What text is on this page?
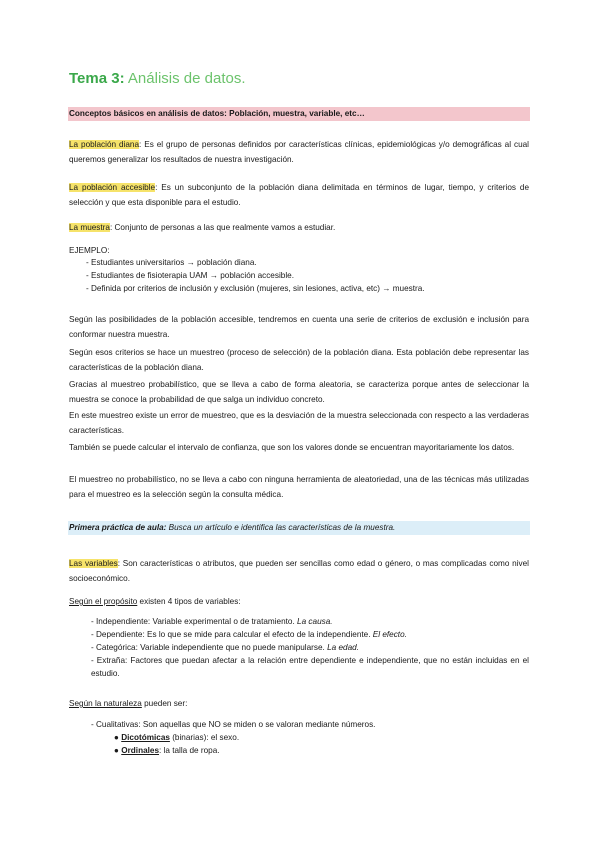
Tema 3: Análisis de datos.
Conceptos básicos en análisis de datos: Población, muestra, variable, etc…
La población diana: Es el grupo de personas definidos por características clínicas, epidemiológicas y/o demográficas al cual queremos generalizar los resultados de nuestra investigación.
La población accesible: Es un subconjunto de la población diana delimitada en términos de lugar, tiempo, y criterios de selección y que esta disponible para el estudio.
La muestra: Conjunto de personas a las que realmente vamos a estudiar.
EJEMPLO:
- Estudiantes universitarios → población diana.
- Estudiantes de fisioterapia UAM → población accesible.
- Definida por criterios de inclusión y exclusión (mujeres, sin lesiones, activa, etc) → muestra.
Según las posibilidades de la población accesible, tendremos en cuenta una serie de criterios de exclusión e inclusión para conformar nuestra muestra.
Según esos criterios se hace un muestreo (proceso de selección) de la población diana. Esta población debe representar las características de la población diana.
Gracias al muestreo probabilístico, que se lleva a cabo de forma aleatoria, se caracteriza porque antes de seleccionar la muestra se conoce la probabilidad de que salga un individuo concreto.
En este muestreo existe un error de muestreo, que es la desviación de la muestra seleccionada con respecto a las verdaderas características.
También se puede calcular el intervalo de confianza, que son los valores donde se encuentran mayoritariamente los datos.
El muestreo no probabilístico, no se lleva a cabo con ninguna herramienta de aleatoriedad, una de las técnicas más utilizadas para el muestreo es la selección según la consulta médica.
Primera práctica de aula: Busca un artículo e identifica las características de la muestra.
Las variables: Son características o atributos, que pueden ser sencillas como edad o género, o mas complicadas como nivel socioeconómico.
Según el propósito existen 4 tipos de variables:
- Independiente: Variable experimental o de tratamiento. La causa.
- Dependiente: Es lo que se mide para calcular el efecto de la independiente. El efecto.
- Categórica: Variable independiente que no puede manipularse. La edad.
- Extraña: Factores que puedan afectar a la relación entre dependiente e independiente, que no están incluidas en el estudio.
Según la naturaleza pueden ser:
- Cualitativas: Son aquellas que NO se miden o se valoran mediante números.
● Dicotómicas (binarias): el sexo.
● Ordinales: la talla de ropa.
